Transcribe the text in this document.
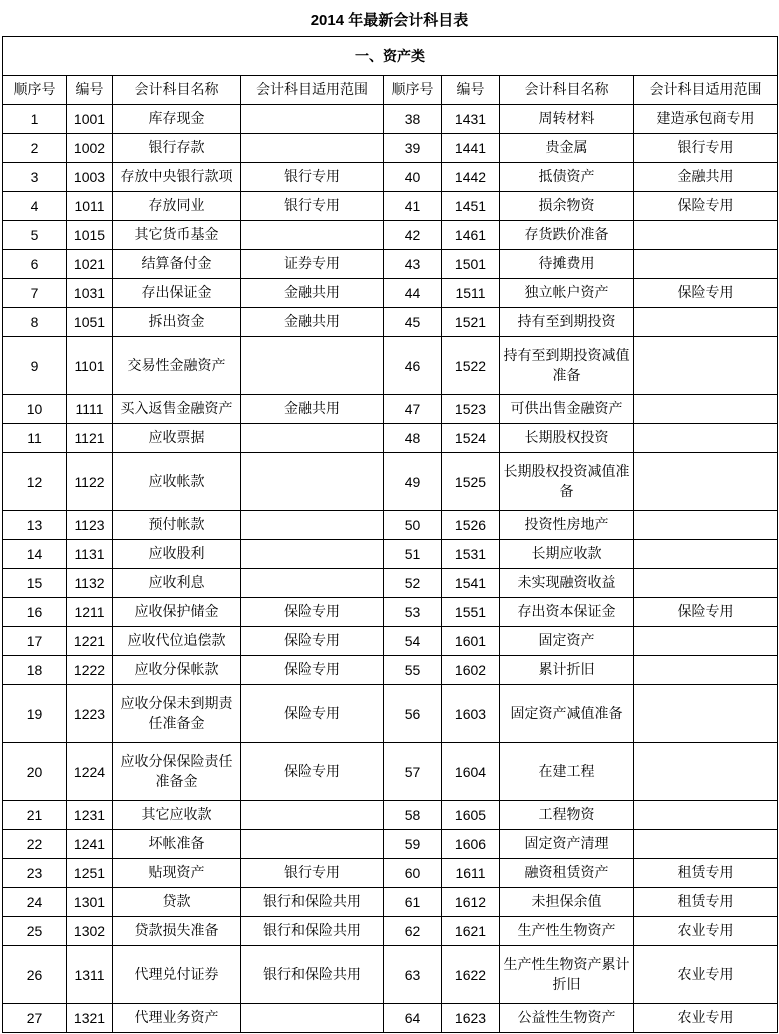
2014 年最新会计科目表
一、资产类							
顺序号	编号	会计科目名称	会计科目适用范围	顺序号	编号	会计科目名称	会计科目适用范围
1	1001	库存现金		38	1431	周转材料	建造承包商专用
2	1002	银行存款		39	1441	贵金属	银行专用
3	1003	存放中央银行款项	银行专用	40	1442	抵债资产	金融共用
4	1011	存放同业	银行专用	41	1451	损余物资	保险专用
5	1015	其它货币基金		42	1461	存货跌价准备	
6	1021	结算备付金	证券专用	43	1501	待摊费用	
7	1031	存出保证金	金融共用	44	1511	独立帐户资产	保险专用
8	1051	拆出资金	金融共用	45	1521	持有至到期投资	
9	1101	交易性金融资产		46	1522	持有至到期投资减值准备	
10	1111	买入返售金融资产	金融共用	47	1523	可供出售金融资产	
11	1121	应收票据		48	1524	长期股权投资	
12	1122	应收帐款		49	1525	长期股权投资减值准备	
13	1123	预付帐款		50	1526	投资性房地产	
14	1131	应收股利		51	1531	长期应收款	
15	1132	应收利息		52	1541	未实现融资收益	
16	1211	应收保护储金	保险专用	53	1551	存出资本保证金	保险专用
17	1221	应收代位追偿款	保险专用	54	1601	固定资产	
18	1222	应收分保帐款	保险专用	55	1602	累计折旧	
19	1223	应收分保未到期责任准备金	保险专用	56	1603	固定资产减值准备	
20	1224	应收分保保险责任准备金	保险专用	57	1604	在建工程	
21	1231	其它应收款		58	1605	工程物资	
22	1241	坏帐准备		59	1606	固定资产清理	
23	1251	贴现资产	银行专用	60	1611	融资租赁资产	租赁专用
24	1301	贷款	银行和保险共用	61	1612	未担保余值	租赁专用
25	1302	贷款损失准备	银行和保险共用	62	1621	生产性生物资产	农业专用
26	1311	代理兑付证券	银行和保险共用	63	1622	生产性生物资产累计折旧	农业专用
27	1321	代理业务资产		64	1623	公益性生物资产	农业专用
